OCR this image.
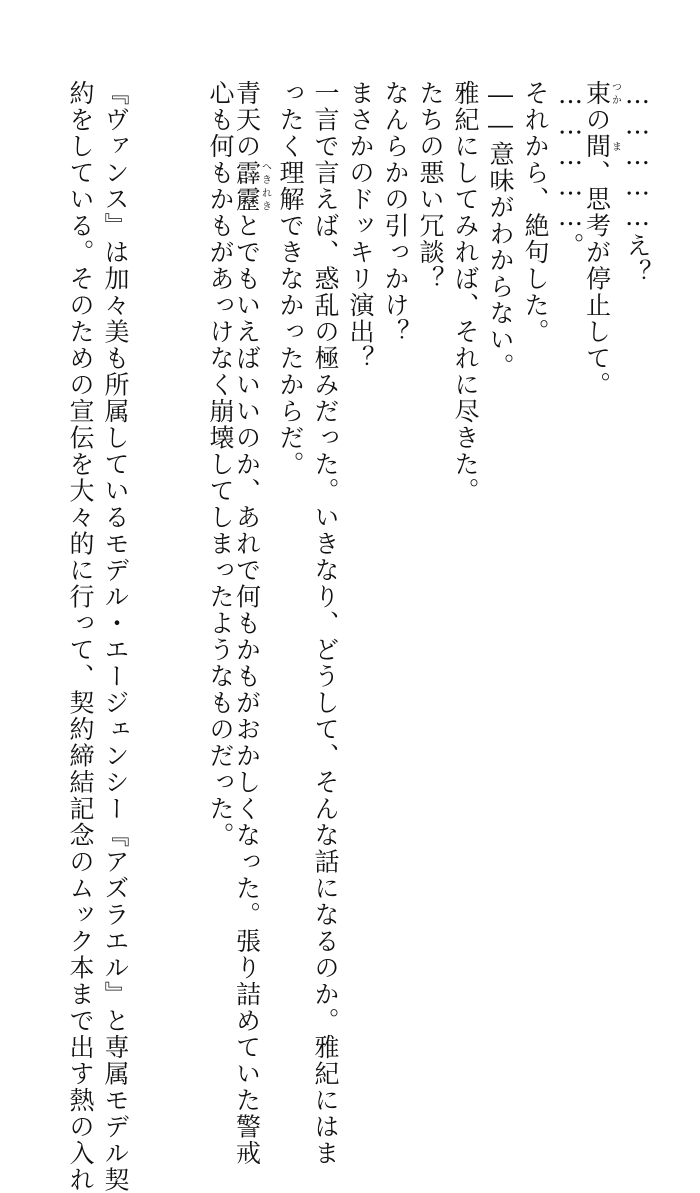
……………え？
束つかの間ま、思考が停止して。
……………。
それから、絶句した。
――意味がわからない。
雅紀にしてみれば、それに尽きた。
たちの悪い冗談？
なんらかの引っかけ？
まさかのドッキリ演出？
一言で言えば、惑乱の極みだった。いきなり、どうして、そんな話になるのか。雅紀にはま
ったく理解できなかったからだ。
青天の霹靂へきれきとでもいえばいいのか、あれで何もかもがおかしくなった。張り詰めていた警戒
心も何もかもがあっけなく崩壊してしまったようなものだった。
『ヴァンス』は加々美も所属しているモデル・エージェンシー『アズラエル』と専属モデル契
約をしている。そのための宣伝を大々的に行って、契約締結記念のムック本まで出す熱の入れ
